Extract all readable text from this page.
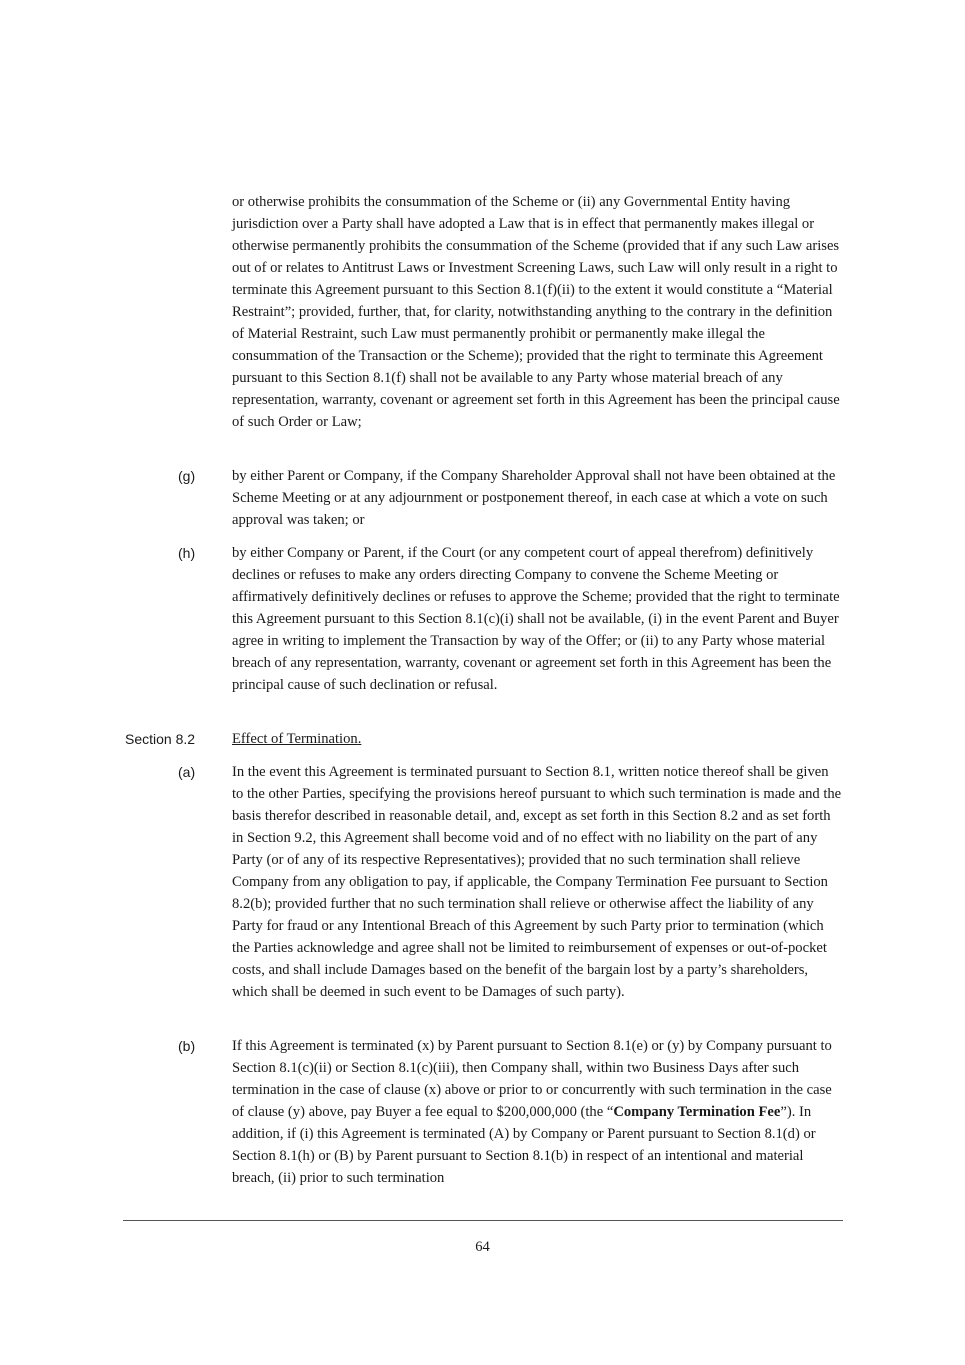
or otherwise prohibits the consummation of the Scheme or (ii) any Governmental Entity having jurisdiction over a Party shall have adopted a Law that is in effect that permanently makes illegal or otherwise permanently prohibits the consummation of the Scheme (provided that if any such Law arises out of or relates to Antitrust Laws or Investment Screening Laws, such Law will only result in a right to terminate this Agreement pursuant to this Section 8.1(f)(ii) to the extent it would constitute a “Material Restraint”; provided, further, that, for clarity, notwithstanding anything to the contrary in the definition of Material Restraint, such Law must permanently prohibit or permanently make illegal the consummation of the Transaction or the Scheme); provided that the right to terminate this Agreement pursuant to this Section 8.1(f) shall not be available to any Party whose material breach of any representation, warranty, covenant or agreement set forth in this Agreement has been the principal cause of such Order or Law;

(g)	by either Parent or Company, if the Company Shareholder Approval shall not have been obtained at the Scheme Meeting or at any adjournment or postponement thereof, in each case at which a vote on such approval was taken; or

(h)	by either Company or Parent, if the Court (or any competent court of appeal therefrom) definitively declines or refuses to make any orders directing Company to convene the Scheme Meeting or affirmatively definitively declines or refuses to approve the Scheme; provided that the right to terminate this Agreement pursuant to this Section 8.1(c)(i) shall not be available, (i) in the event Parent and Buyer agree in writing to implement the Transaction by way of the Offer; or (ii) to any Party whose material breach of any representation, warranty, covenant or agreement set forth in this Agreement has been the principal cause of such declination or refusal.

Section 8.2	Effect of Termination.

(a)	In the event this Agreement is terminated pursuant to Section 8.1, written notice thereof shall be given to the other Parties, specifying the provisions hereof pursuant to which such termination is made and the basis therefor described in reasonable detail, and, except as set forth in this Section 8.2 and as set forth in Section 9.2, this Agreement shall become void and of no effect with no liability on the part of any Party (or of any of its respective Representatives); provided that no such termination shall relieve Company from any obligation to pay, if applicable, the Company Termination Fee pursuant to Section 8.2(b); provided further that no such termination shall relieve or otherwise affect the liability of any Party for fraud or any Intentional Breach of this Agreement by such Party prior to termination (which the Parties acknowledge and agree shall not be limited to reimbursement of expenses or out-of-pocket costs, and shall include Damages based on the benefit of the bargain lost by a party’s shareholders, which shall be deemed in such event to be Damages of such party).

(b)	If this Agreement is terminated (x) by Parent pursuant to Section 8.1(e) or (y) by Company pursuant to Section 8.1(c)(ii) or Section 8.1(c)(iii), then Company shall, within two Business Days after such termination in the case of clause (x) above or prior to or concurrently with such termination in the case of clause (y) above, pay Buyer a fee equal to $200,000,000 (the “Company Termination Fee”). In addition, if (i) this Agreement is terminated (A) by Company or Parent pursuant to Section 8.1(d) or Section 8.1(h) or (B) by Parent pursuant to Section 8.1(b) in respect of an intentional and material breach, (ii) prior to such termination

64
